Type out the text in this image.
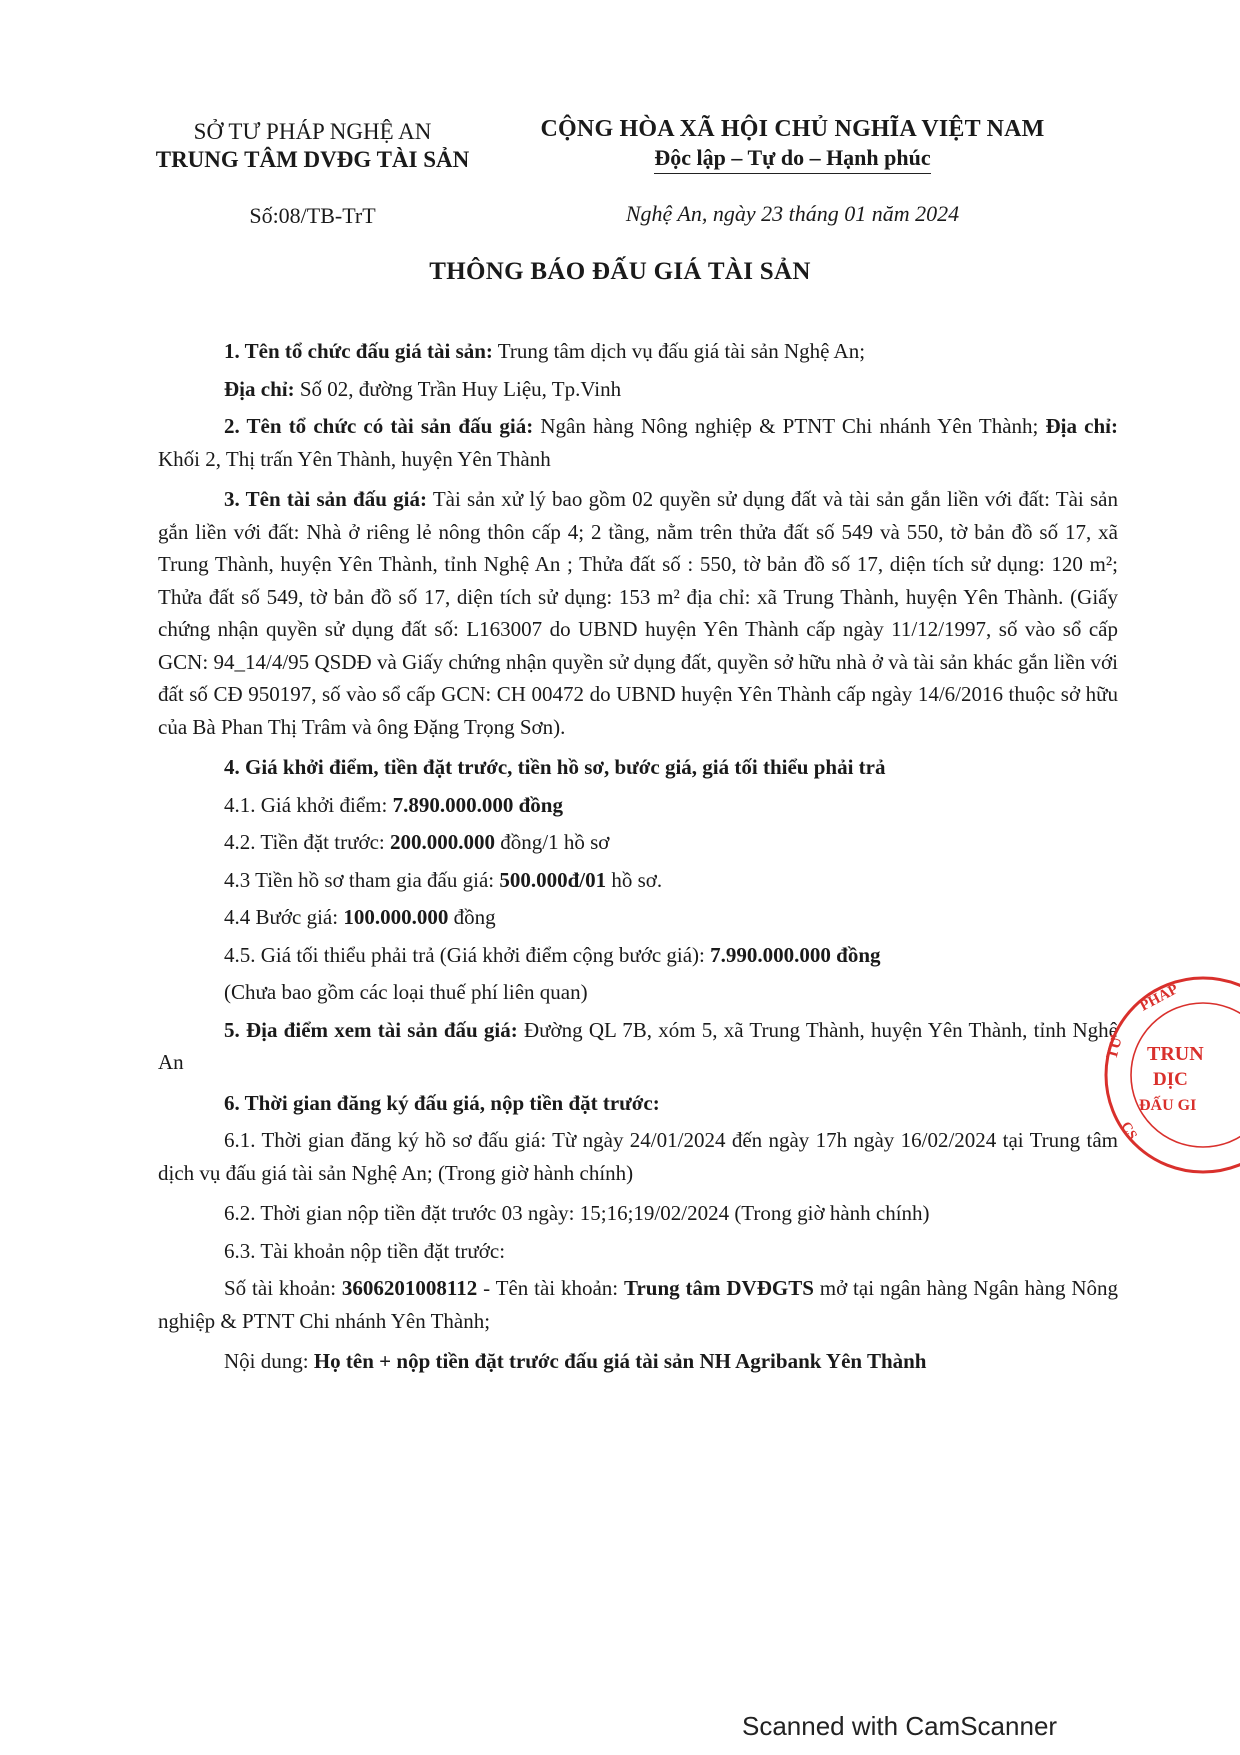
SỞ TƯ PHÁP NGHỆ AN
TRUNG TÂM DVĐG TÀI SẢN
CỘNG HÒA XÃ HỘI CHỦ NGHĨA VIỆT NAM
Độc lập – Tự do – Hạnh phúc
Số:08/TB-TrT	Nghệ An, ngày 23 tháng 01 năm 2024
THÔNG BÁO ĐẤU GIÁ TÀI SẢN

1. Tên tổ chức đấu giá tài sản: Trung tâm dịch vụ đấu giá tài sản Nghệ An;

Địa chỉ: Số 02, đường Trần Huy Liệu, Tp.Vinh

2. Tên tổ chức có tài sản đấu giá: Ngân hàng Nông nghiệp & PTNT Chi nhánh Yên Thành; Địa chỉ: Khối 2, Thị trấn Yên Thành, huyện Yên Thành

3. Tên tài sản đấu giá: Tài sản xử lý bao gồm 02 quyền sử dụng đất và tài sản gắn liền với đất: Tài sản gắn liền với đất: Nhà ở riêng lẻ nông thôn cấp 4; 2 tầng, nằm trên thửa đất số 549 và 550, tờ bản đồ số 17, xã Trung Thành, huyện Yên Thành, tỉnh Nghệ An ; Thửa đất số : 550, tờ bản đồ số 17, diện tích sử dụng: 120 m²; Thửa đất số 549, tờ bản đồ số 17, diện tích sử dụng: 153 m² địa chỉ: xã Trung Thành, huyện Yên Thành. (Giấy chứng nhận quyền sử dụng đất số: L163007 do UBND huyện Yên Thành cấp ngày 11/12/1997, số vào sổ cấp GCN: 94_14/4/95 QSDĐ và Giấy chứng nhận quyền sử dụng đất, quyền sở hữu nhà ở và tài sản khác gắn liền với đất số CĐ 950197, số vào sổ cấp GCN: CH 00472 do UBND huyện Yên Thành cấp ngày 14/6/2016 thuộc sở hữu của Bà Phan Thị Trâm và ông Đặng Trọng Sơn).

4. Giá khởi điểm, tiền đặt trước, tiền hồ sơ, bước giá, giá tối thiểu phải trả

4.1. Giá khởi điểm: 7.890.000.000 đồng

4.2. Tiền đặt trước: 200.000.000 đồng/1 hồ sơ

4.3 Tiền hồ sơ tham gia đấu giá: 500.000đ/01 hồ sơ.

4.4 Bước giá: 100.000.000 đồng

4.5. Giá tối thiểu phải trả (Giá khởi điểm cộng bước giá): 7.990.000.000 đồng

(Chưa bao gồm các loại thuế phí liên quan)

5. Địa điểm xem tài sản đấu giá: Đường QL 7B, xóm 5, xã Trung Thành, huyện Yên Thành, tỉnh Nghệ An

6. Thời gian đăng ký đấu giá, nộp tiền đặt trước:

6.1. Thời gian đăng ký hồ sơ đấu giá: Từ ngày 24/01/2024 đến ngày 17h ngày 16/02/2024 tại Trung tâm dịch vụ đấu giá tài sản Nghệ An; (Trong giờ hành chính)

6.2. Thời gian nộp tiền đặt trước 03 ngày: 15;16;19/02/2024 (Trong giờ hành chính)

6.3. Tài khoản nộp tiền đặt trước:

Số tài khoản: 3606201008112 - Tên tài khoản: Trung tâm DVĐGTS mở tại ngân hàng Ngân hàng Nông nghiệp & PTNT Chi nhánh Yên Thành;

Nội dung: Họ tên + nộp tiền đặt trước đấu giá tài sản NH Agribank Yên Thành

PHÁP
TƯ TRUN
DỊC
ĐẤU GI
CS
Scanned with CamScanner
